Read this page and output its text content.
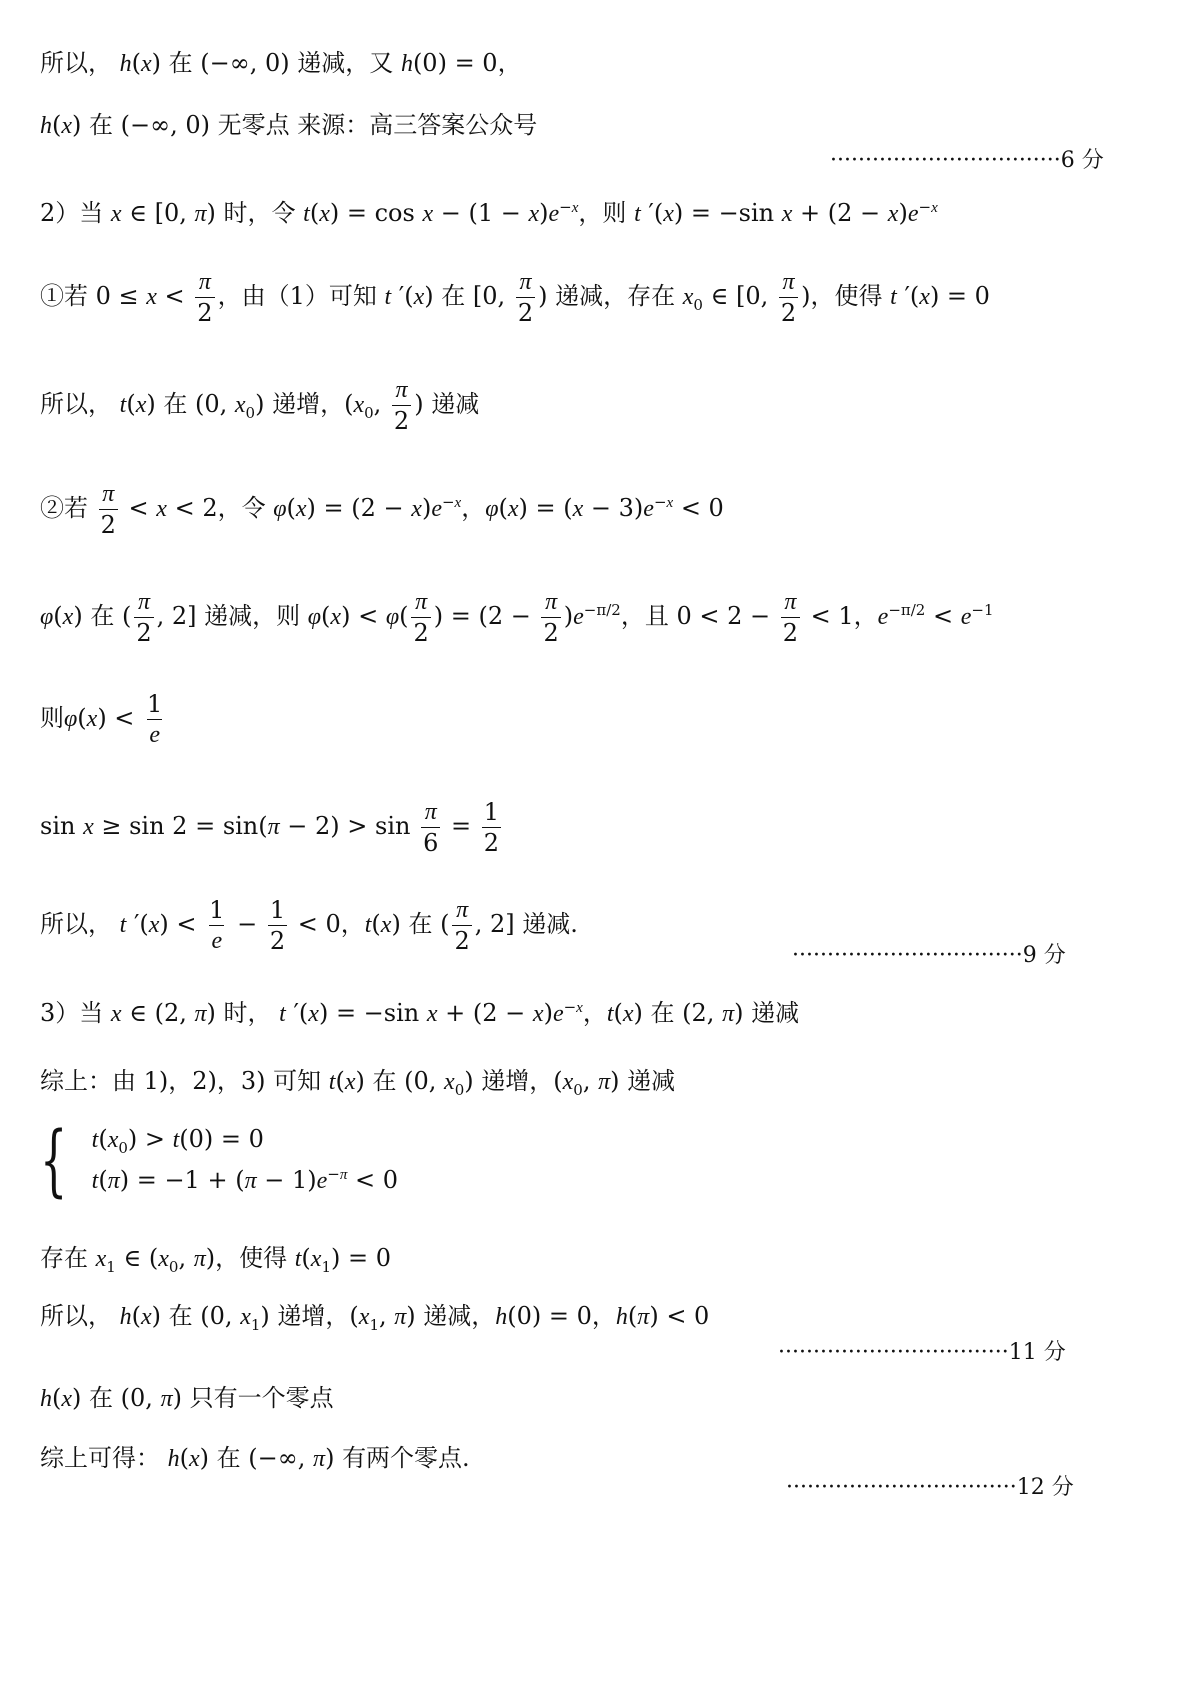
所以， h(x) 在 (−∞, 0) 递减，又 h(0) = 0，
h(x) 在 (−∞, 0) 无零点 来源：高三答案公众号
·································6 分
2）当 x ∈ [0, π) 时，令 $t(x) = \cos x - (1 - x)e^{-x}$，则 t ′(x) = −sin $x + (2 - x)e^{-x}$
①若 $0 \le x < \frac{\pi}{2}$ ，由（1）可知 t ′(x) 在 [0, $\frac{\pi}{2}$ ) 递减，存在 $x_0$ ∈ [0, $\frac{\pi}{2}$ )，使得 t ′(x) = 0
所以， t(x) 在 (0, $x_0$) 递增，($x_0$, $\frac{\pi}{2}$ ) 递减
②若 $\frac{\pi}{2} < x < 2$，令 $\varphi(x) = (2 - x)e^{-x}$，$\varphi(x) = (x - 3)e^{-x} < 0$
φ(x) 在 ( $\frac{\pi}{2}$ , 2] 递减，则 $\varphi(x) < \varphi( \frac{\pi}{2}$ ) = $(2 - \frac{\pi}{2} )e^{-\pi/2}$，且 $0 < 2 - \frac{\pi}{2} < 1$，$e^{-\pi/2} < e^{-1}$
则$\varphi(x) < \frac{1}{e}$
$\sin x \ge \sin 2 = \sin(\pi - 2) > \sin \frac{\pi}{6} = \frac{1}{2}$
所以， t $'(x) < \frac{1}{e} - \frac{1}{2} < 0$，t(x) 在 ( $\frac{\pi}{2}$ , 2] 递减.
·································9 分
3）当 x ∈ (2, π) 时， t ′(x) = −sin $x + (2 - x)e^{-x}$，t(x) 在 (2, π) 递减
综上：由 1)，2)，3) 可知 t(x) 在 (0, $x_0$) 递增，($x_0$, π) 递减
{ $t(x_0) > t(0) = 0$
$t(\pi) = -1 + (\pi - 1)e^{-\pi} < 0$
存在 $x_1$ ∈ ($x_0$, π)，使得 $t(x_1) = 0$
所以， h(x) 在 (0, $x_1$) 递增，($x_1$, π) 递减，h(0) = 0，h(π) < 0
·································11 分
h(x) 在 (0, π) 只有一个零点
综上可得： h(x) 在 (−∞, π) 有两个零点.
·································12 分
所以，h(x) 在 (−∞,0) 递减，又 h(0) = 0，h(x) 在 (−∞,0) 无零点 来源：高三答案公众号2）当 x∈[0,π) 时，令 t(x) = cos x − (1−x)e^(−x)，则 t′(x) = −sin x + (2−x)e^(−x)①若 0 ≤ x < π/2，由（1）可知 t′(x) 在 [0, π/2) 递减，存在 x0∈[0, π/2)，使得 t′(x) = 0所以，t(x) 在 (0,x0) 递增，(x0, π/2) 递减②若 π/2 < x < 2，令 φ(x) = (2−x)e^(−x)，φ(x) = (x−3)e^(−x) < 0φ(x) 在 (π/2, 2] 递减，则 φ(x) < φ(π/2) = (2 − π/2)e^(−π/2)，且 0 < 2 − π/2 < 1，e^(−π/2) < e^(−1)则 φ(x) < 1/esin x ≥ sin 2 = sin(π−2) > sin π/6 = 1/2所以，t′(x) < 1/e − 1/2 < 0，t(x) 在 (π/2, 2] 递减.3）当 x∈(2,π) 时，t′(x) = −sin x + (2−x)e^(−x)，t(x) 在 (2,π) 递减综上：由 1)，2)，3) 可知 t(x) 在 (0,x0) 递增，(x0,π) 递减t(x0) > t(0) = 0t(π) = −1 + (π−1)e^(−π) < 0存在 x1∈(x0,π)，使得 t(x1) = 0所以，h(x) 在 (0,x1) 递增，(x1,π) 递减，h(0) = 0，h(π) < 0h(x) 在 (0,π) 只有一个零点综上可得：h(x) 在 (−∞,π) 有两个零点.
